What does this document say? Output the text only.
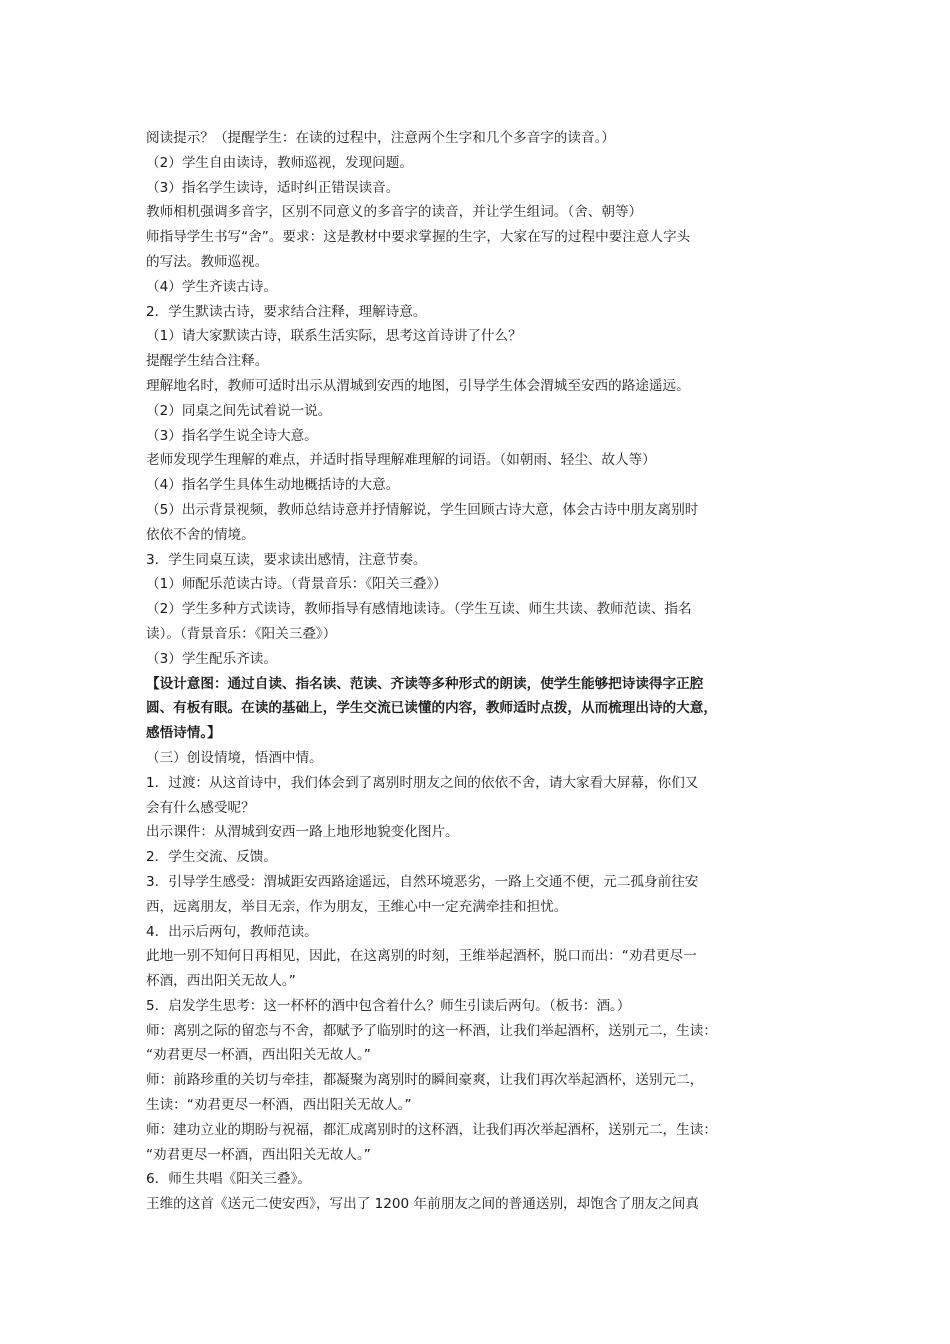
阅读提示？（提醒学生：在读的过程中，注意两个生字和几个多音字的读音。）

（2）学生自由读诗，教师巡视，发现问题。

（3）指名学生读诗，适时纠正错误读音。

教师相机强调多音字，区别不同意义的多音字的读音，并让学生组词。（舍、朝等）

师指导学生书写“舍”。要求：这是教材中要求掌握的生字，大家在写的过程中要注意人字头

的写法。教师巡视。

（4）学生齐读古诗。

2．学生默读古诗，要求结合注释，理解诗意。

（1）请大家默读古诗，联系生活实际，思考这首诗讲了什么？

提醒学生结合注释。

理解地名时，教师可适时出示从渭城到安西的地图，引导学生体会渭城至安西的路途遥远。

（2）同桌之间先试着说一说。

（3）指名学生说全诗大意。

老师发现学生理解的难点，并适时指导理解难理解的词语。（如朝雨、轻尘、故人等）

（4）指名学生具体生动地概括诗的大意。

（5）出示背景视频，教师总结诗意并抒情解说，学生回顾古诗大意，体会古诗中朋友离别时

依依不舍的情境。

3．学生同桌互读，要求读出感情，注意节奏。

（1）师配乐范读古诗。（背景音乐：《阳关三叠》）

（2）学生多种方式读诗，教师指导有感情地读诗。（学生互读、师生共读、教师范读、指名

读）。（背景音乐：《阳关三叠》）

（3）学生配乐齐读。

【设计意图：通过自读、指名读、范读、齐读等多种形式的朗读，使学生能够把诗读得字正腔

圆、有板有眼。在读的基础上，学生交流已读懂的内容，教师适时点拨，从而梳理出诗的大意，

感悟诗情。】

（三）创设情境，悟酒中情。

1．过渡：从这首诗中，我们体会到了离别时朋友之间的依依不舍，请大家看大屏幕，你们又

会有什么感受呢？

出示课件：从渭城到安西一路上地形地貌变化图片。

2．学生交流、反馈。

3．引导学生感受：渭城距安西路途遥远，自然环境恶劣，一路上交通不便，元二孤身前往安

西，远离朋友，举目无亲，作为朋友，王维心中一定充满牵挂和担忧。

4．出示后两句，教师范读。

此地一别不知何日再相见，因此，在这离别的时刻，王维举起酒杯，脱口而出：“劝君更尽一

杯酒，西出阳关无故人。”

5．启发学生思考：这一杯杯的酒中包含着什么？师生引读后两句。（板书：酒。）

师：离别之际的留恋与不舍，都赋予了临别时的这一杯酒，让我们举起酒杯，送别元二，生读：

“劝君更尽一杯酒，西出阳关无故人。”

师：前路珍重的关切与牵挂，都凝聚为离别时的瞬间豪爽，让我们再次举起酒杯，送别元二，

生读：“劝君更尽一杯酒，西出阳关无故人。”

师：建功立业的期盼与祝福，都汇成离别时的这杯酒，让我们再次举起酒杯，送别元二，生读：

“劝君更尽一杯酒，西出阳关无故人。”

6．师生共唱《阳关三叠》。

王维的这首《送元二使安西》，写出了 1200 年前朋友之间的普通送别，却饱含了朋友之间真
